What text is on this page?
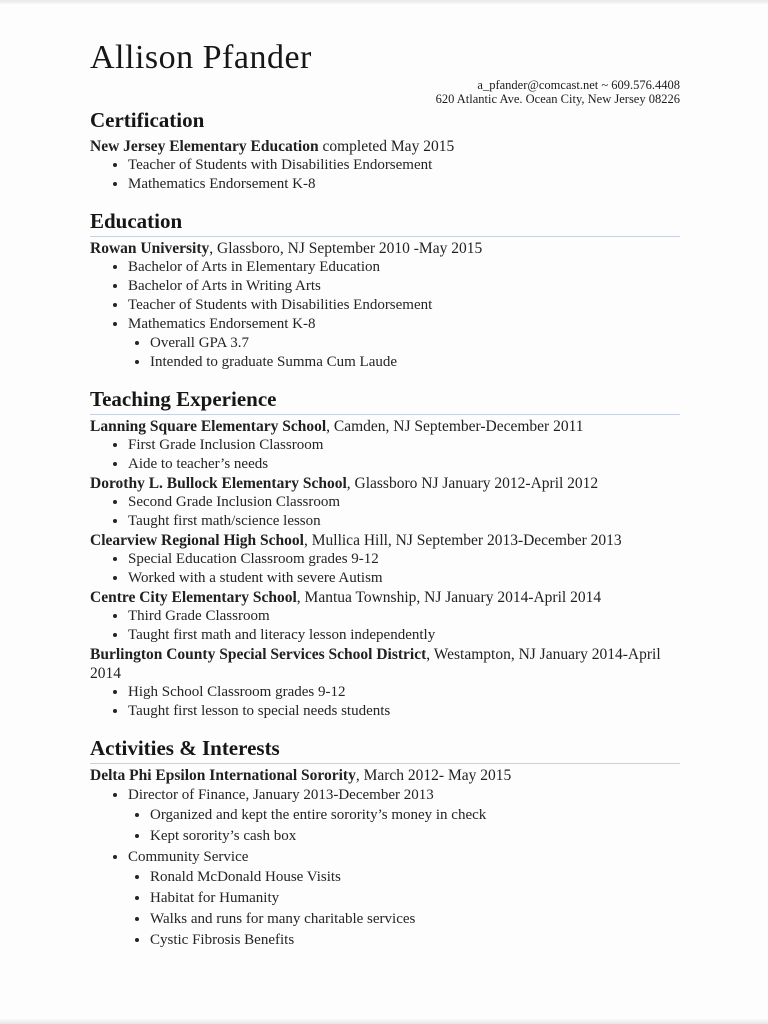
Allison Pfander
a_pfander@comcast.net ~ 609.576.4408
620 Atlantic Ave. Ocean City, New Jersey 08226
Certification

New Jersey Elementary Education completed May 2015

• Teacher of Students with Disabilities Endorsement
• Mathematics Endorsement K-8
Education

Rowan University, Glassboro, NJ September 2010 -May 2015

• Bachelor of Arts in Elementary Education
• Bachelor of Arts in Writing Arts
• Teacher of Students with Disabilities Endorsement
• Mathematics Endorsement K-8
• Overall GPA 3.7
• Intended to graduate Summa Cum Laude
Teaching Experience

Lanning Square Elementary School, Camden, NJ September-December 2011

• First Grade Inclusion Classroom
• Aide to teacher’s needs

Dorothy L. Bullock Elementary School, Glassboro NJ January 2012-April 2012

• Second Grade Inclusion Classroom
• Taught first math/science lesson

Clearview Regional High School, Mullica Hill, NJ September 2013-December 2013

• Special Education Classroom grades 9-12
• Worked with a student with severe Autism

Centre City Elementary School, Mantua Township, NJ January 2014-April 2014

• Third Grade Classroom
• Taught first math and literacy lesson independently

Burlington County Special Services School District, Westampton, NJ January 2014-April 2014

• High School Classroom grades 9-12
• Taught first lesson to special needs students
Activities & Interests

Delta Phi Epsilon International Sorority, March 2012- May 2015

• Director of Finance, January 2013-December 2013
• Organized and kept the entire sorority’s money in check
• Kept sorority’s cash box
• Community Service
• Ronald McDonald House Visits
• Habitat for Humanity
• Walks and runs for many charitable services
• Cystic Fibrosis Benefits
